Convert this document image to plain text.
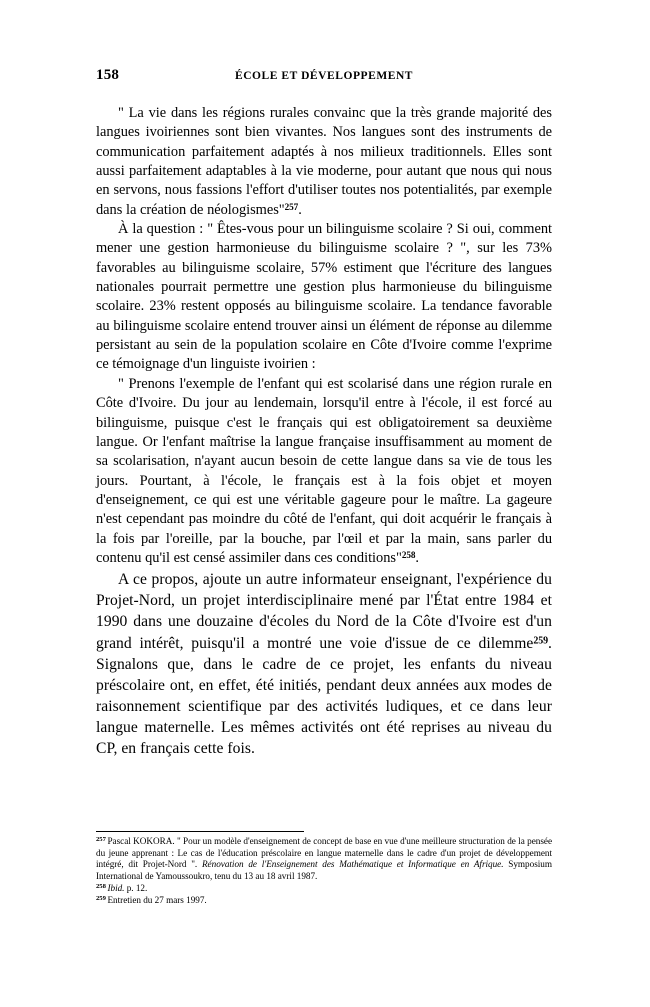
158	ÉCOLE ET DÉVELOPPEMENT

" La vie dans les régions rurales convainc que la très grande majorité des langues ivoiriennes sont bien vivantes. Nos langues sont des instruments de communication parfaitement adaptés à nos milieux traditionnels. Elles sont aussi parfaitement adaptables à la vie moderne, pour autant que nous qui nous en servons, nous fassions l'effort d'utiliser toutes nos potentialités, par exemple dans la création de néologismes"$^{257}$.

À la question : " Êtes-vous pour un bilinguisme scolaire ? Si oui, comment mener une gestion harmonieuse du bilinguisme scolaire ? ", sur les 73% favorables au bilinguisme scolaire, 57% estiment que l'écriture des langues nationales pourrait permettre une gestion plus harmonieuse du bilinguisme scolaire. 23% restent opposés au bilinguisme scolaire. La tendance favorable au bilinguisme scolaire entend trouver ainsi un élément de réponse au dilemme persistant au sein de la population scolaire en Côte d'Ivoire comme l'exprime ce témoignage d'un linguiste ivoirien :

" Prenons l'exemple de l'enfant qui est scolarisé dans une région rurale en Côte d'Ivoire. Du jour au lendemain, lorsqu'il entre à l'école, il est forcé au bilinguisme, puisque c'est le français qui est obligatoirement sa deuxième langue. Or l'enfant maîtrise la langue française insuffisamment au moment de sa scolarisation, n'ayant aucun besoin de cette langue dans sa vie de tous les jours. Pourtant, à l'école, le français est à la fois objet et moyen d'enseignement, ce qui est une véritable gageure pour le maître. La gageure n'est cependant pas moindre du côté de l'enfant, qui doit acquérir le français à la fois par l'oreille, par la bouche, par l'œil et par la main, sans parler du contenu qu'il est censé assimiler dans ces conditions"$^{258}$.

A ce propos, ajoute un autre informateur enseignant, l'expérience du Projet-Nord, un projet interdisciplinaire mené par l'État entre 1984 et 1990 dans une douzaine d'écoles du Nord de la Côte d'Ivoire est d'un grand intérêt, puisqu'il a montré une voie d'issue de ce dilemme$^{259}$. Signalons que, dans le cadre de ce projet, les enfants du niveau préscolaire ont, en effet, été initiés, pendant deux années aux modes de raisonnement scientifique par des activités ludiques, et ce dans leur langue maternelle. Les mêmes activités ont été reprises au niveau du CP, en français cette fois.

$^{257}$ Pascal KOKORA. " Pour un modèle d'enseignement de concept de base en vue d'une meilleure structuration de la pensée du jeune apprenant : Le cas de l'éducation préscolaire en langue maternelle dans le cadre d'un projet de développement intégré, dit Projet-Nord ". Rénovation de l'Enseignement des Mathématique et Informatique en Afrique. Symposium International de Yamoussoukro, tenu du 13 au 18 avril 1987.

$^{258}$ Ibid. p. 12.

$^{259}$ Entretien du 27 mars 1997.
